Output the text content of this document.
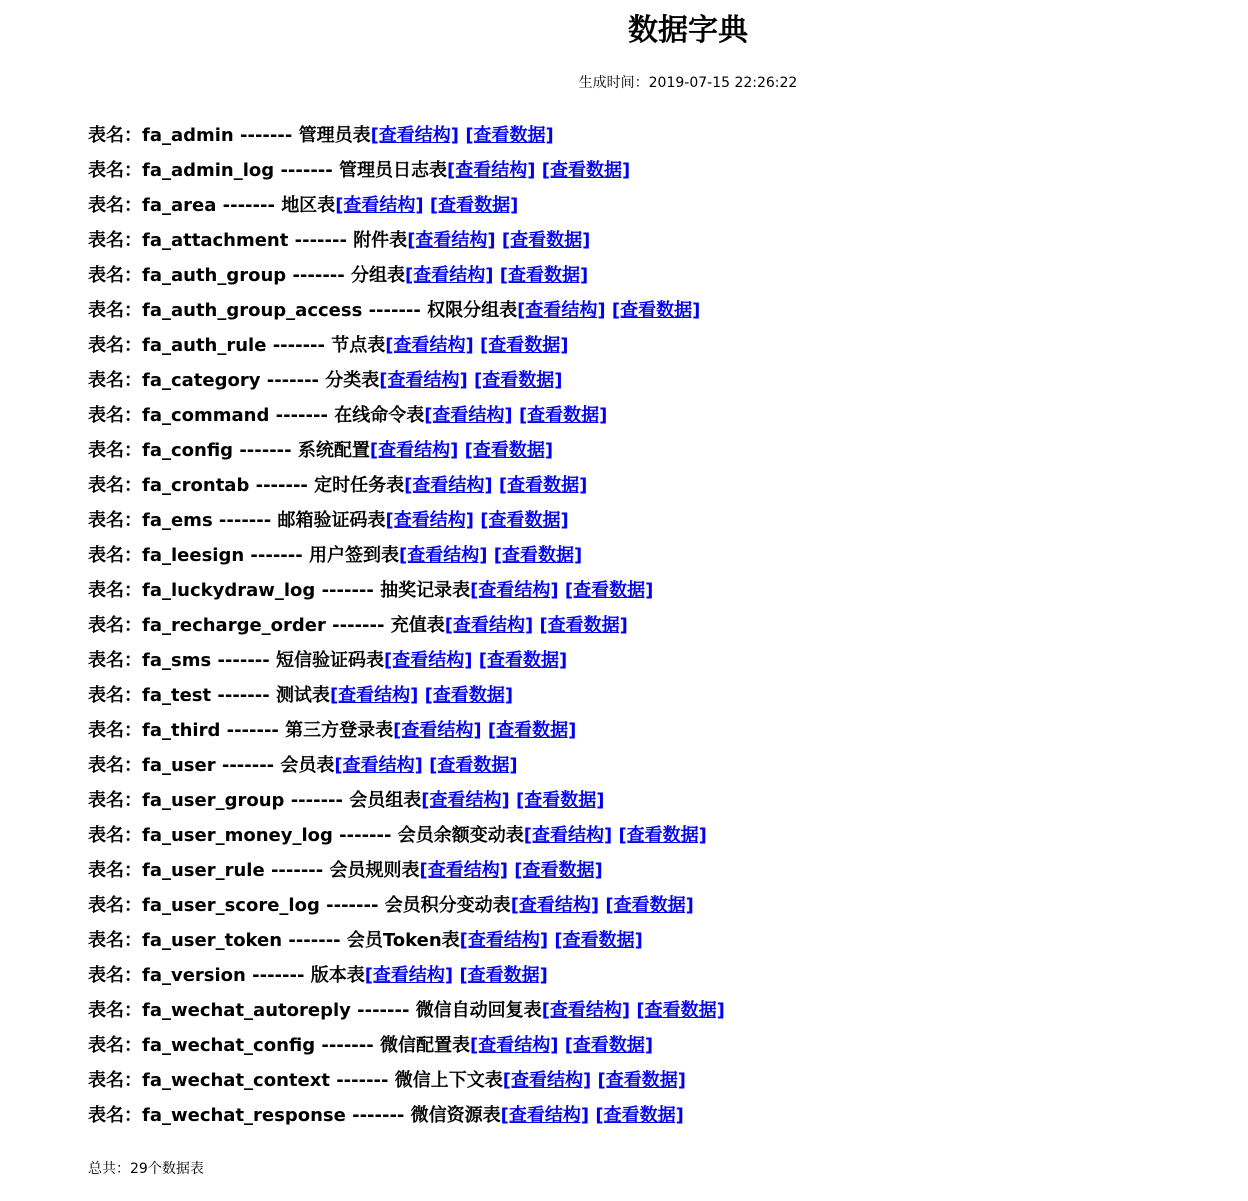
数据字典
生成时间：2019-07-15 22:26:22
表名：fa_admin ------- 管理员表[查看结构] [查看数据]
表名：fa_admin_log ------- 管理员日志表[查看结构] [查看数据]
表名：fa_area ------- 地区表[查看结构] [查看数据]
表名：fa_attachment ------- 附件表[查看结构] [查看数据]
表名：fa_auth_group ------- 分组表[查看结构] [查看数据]
表名：fa_auth_group_access ------- 权限分组表[查看结构] [查看数据]
表名：fa_auth_rule ------- 节点表[查看结构] [查看数据]
表名：fa_category ------- 分类表[查看结构] [查看数据]
表名：fa_command ------- 在线命令表[查看结构] [查看数据]
表名：fa_config ------- 系统配置[查看结构] [查看数据]
表名：fa_crontab ------- 定时任务表[查看结构] [查看数据]
表名：fa_ems ------- 邮箱验证码表[查看结构] [查看数据]
表名：fa_leesign ------- 用户签到表[查看结构] [查看数据]
表名：fa_luckydraw_log ------- 抽奖记录表[查看结构] [查看数据]
表名：fa_recharge_order ------- 充值表[查看结构] [查看数据]
表名：fa_sms ------- 短信验证码表[查看结构] [查看数据]
表名：fa_test ------- 测试表[查看结构] [查看数据]
表名：fa_third ------- 第三方登录表[查看结构] [查看数据]
表名：fa_user ------- 会员表[查看结构] [查看数据]
表名：fa_user_group ------- 会员组表[查看结构] [查看数据]
表名：fa_user_money_log ------- 会员余额变动表[查看结构] [查看数据]
表名：fa_user_rule ------- 会员规则表[查看结构] [查看数据]
表名：fa_user_score_log ------- 会员积分变动表[查看结构] [查看数据]
表名：fa_user_token ------- 会员Token表[查看结构] [查看数据]
表名：fa_version ------- 版本表[查看结构] [查看数据]
表名：fa_wechat_autoreply ------- 微信自动回复表[查看结构] [查看数据]
表名：fa_wechat_config ------- 微信配置表[查看结构] [查看数据]
表名：fa_wechat_context ------- 微信上下文表[查看结构] [查看数据]
表名：fa_wechat_response ------- 微信资源表[查看结构] [查看数据]
总共：29个数据表
